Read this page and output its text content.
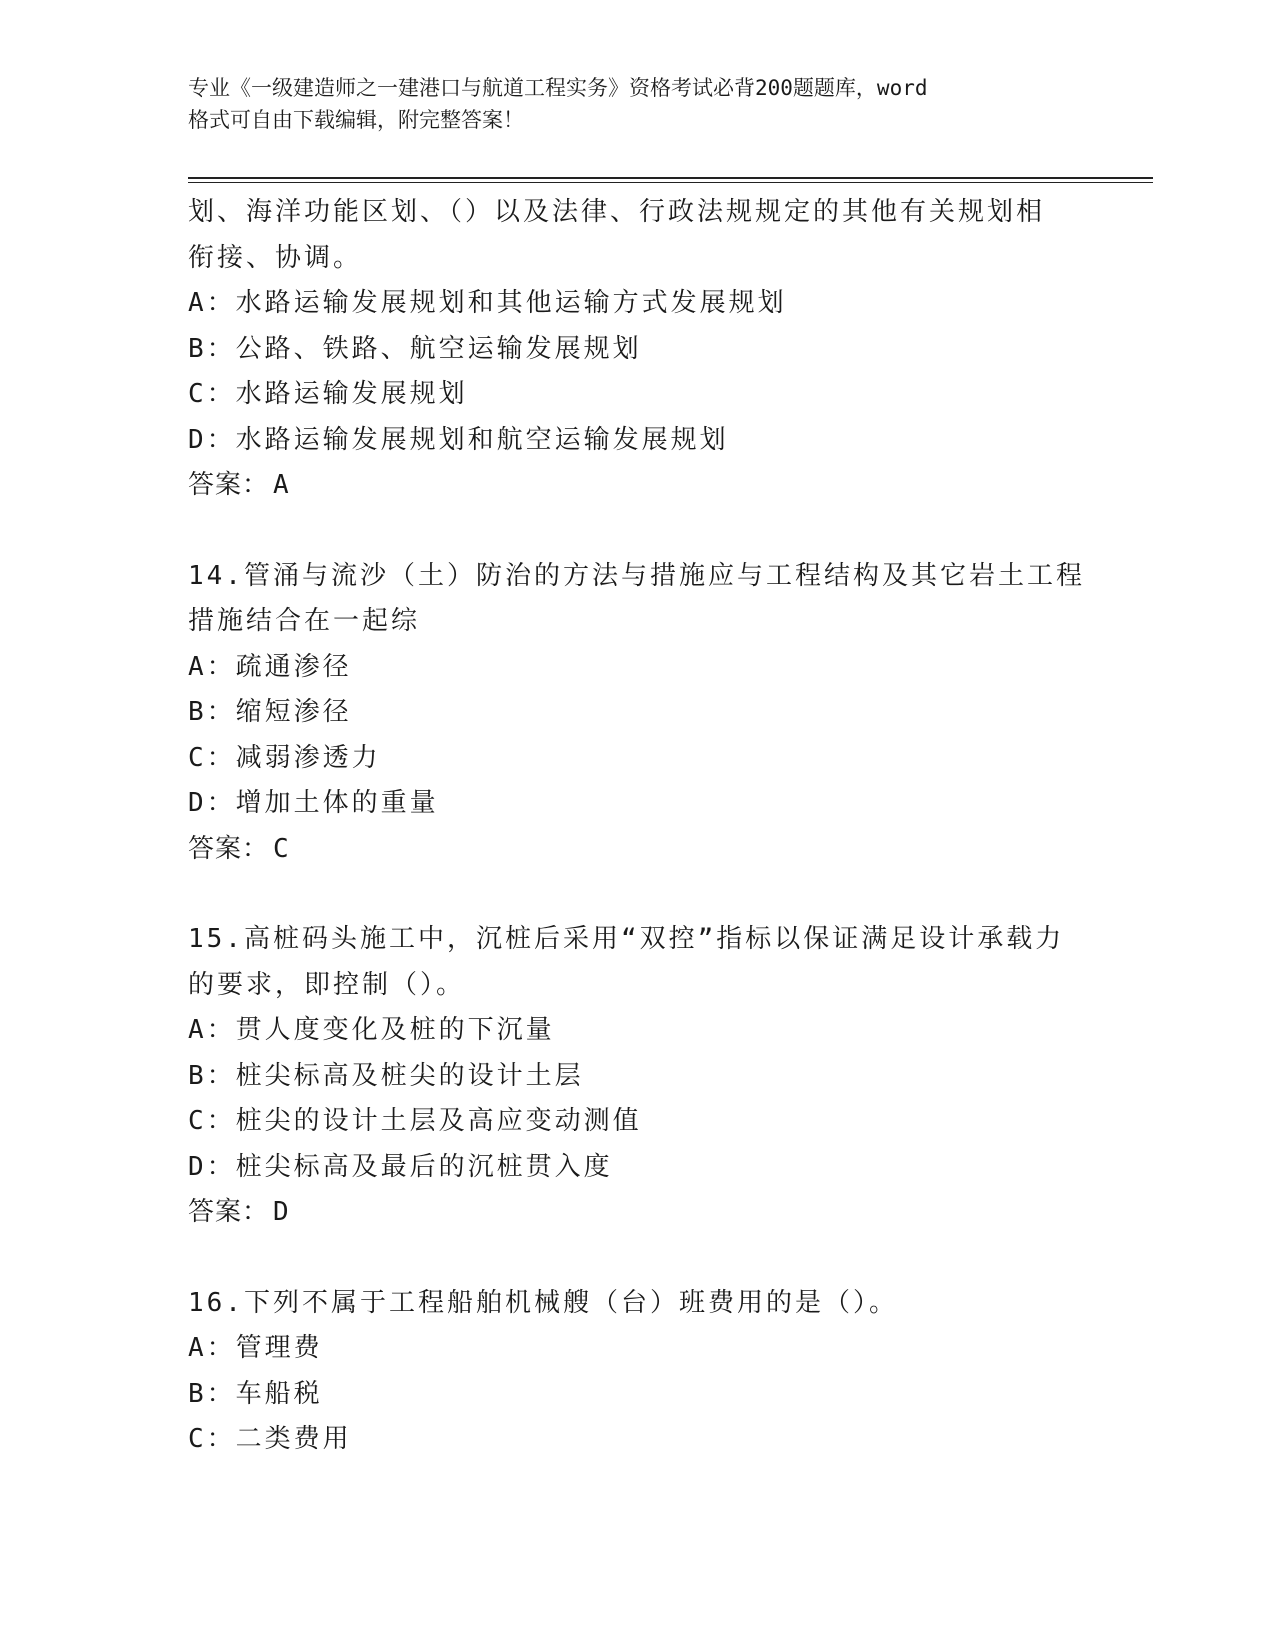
专业《一级建造师之一建港口与航道工程实务》资格考试必背200题题库，word
格式可自由下载编辑，附完整答案！
划、海洋功能区划、（）以及法律、行政法规规定的其他有关规划相
衔接、协调。
A：水路运输发展规划和其他运输方式发展规划
B：公路、铁路、航空运输发展规划
C：水路运输发展规划
D：水路运输发展规划和航空运输发展规划
答案： A
14.管涌与流沙（土）防治的方法与措施应与工程结构及其它岩土工程
措施结合在一起综
A：疏通渗径
B：缩短渗径
C：减弱渗透力
D：增加土体的重量
答案： C
15.高桩码头施工中，沉桩后采用“双控”指标以保证满足设计承载力
的要求，即控制（）。
A：贯人度变化及桩的下沉量
B：桩尖标高及桩尖的设计土层
C：桩尖的设计土层及高应变动测值
D：桩尖标高及最后的沉桩贯入度
答案： D
16.下列不属于工程船舶机械艘（台）班费用的是（）。
A：管理费
B：车船税
C：二类费用
